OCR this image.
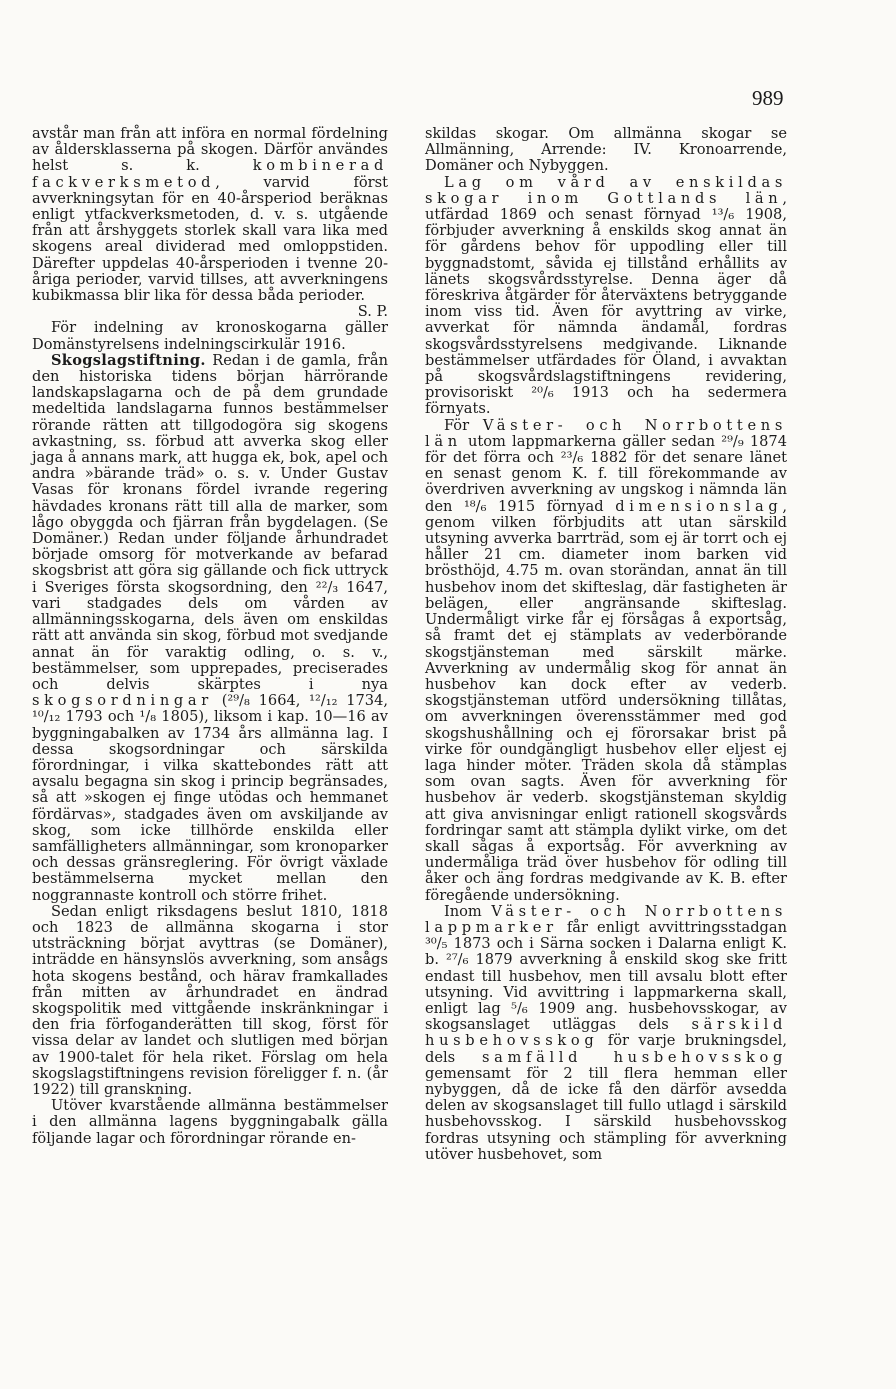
989

avstår man från att införa en normal fördelning av åldersklasserna på skogen. Därför användes helst s. k. kombinerad fackverksmetod, varvid först avverkningsytan för en 40-årsperiod beräknas enligt ytfackverksmetoden, d. v. s. utgående från att årshyggets storlek skall vara lika med skogens areal dividerad med omloppstiden. Därefter uppdelas 40-årsperioden i tvenne 20-åriga perioder, varvid tillses, att avverkningens kubikmassa blir lika för dessa båda perioder.

S. P.

För indelning av kronoskogarna gäller Domänstyrelsens indelningscirkulär 1916.

Skogslagstiftning. Redan i de gamla, från den historiska tidens början härrörande landskapslagarna och de på dem grundade medeltida landslagarna funnos bestämmelser rörande rätten att tillgodogöra sig skogens avkastning, ss. förbud att avverka skog eller jaga å annans mark, att hugga ek, bok, apel och andra »bärande träd» o. s. v. Under Gustav Vasas för kronans fördel ivrande regering hävdades kronans rätt till alla de marker, som lågo obyggda och fjärran från bygdelagen. (Se Domäner.) Redan under följande århundradet började omsorg för motverkande av befarad skogsbrist att göra sig gällande och fick uttryck i Sveriges första skogsordning, den ²²/₃ 1647, vari stadgades dels om vården av allmänningsskogarna, dels även om enskildas rätt att använda sin skog, förbud mot svedjande annat än för varaktig odling, o. s. v., bestämmelser, som upprepades, preciserades och delvis skärptes i nya skogsordningar (²⁹/₈ 1664, ¹²/₁₂ 1734, ¹⁰/₁₂ 1793 och ¹/₈ 1805), liksom i kap. 10—16 av byggningabalken av 1734 års allmänna lag. I dessa skogsordningar och särskilda förordningar, i vilka skattebondes rätt att avsalu begagna sin skog i princip begränsades, så att »skogen ej finge utödas och hemmanet fördärvas», stadgades även om avskiljande av skog, som icke tillhörde enskilda eller samfälligheters allmänningar, som kronoparker och dessas gränsreglering. För övrigt växlade bestämmelserna mycket mellan den noggrannaste kontroll och större frihet.

Sedan enligt riksdagens beslut 1810, 1818 och 1823 de allmänna skogarna i stor utsträckning börjat avyttras (se Domäner), inträdde en hänsynslös avverkning, som ansågs hota skogens bestånd, och härav framkallades från mitten av århundradet en ändrad skogspolitik med vittgående inskränkningar i den fria förfoganderätten till skog, först för vissa delar av landet och slutligen med början av 1900-talet för hela riket. Förslag om hela skogslagstiftningens revision föreligger f. n. (år 1922) till granskning.

Utöver kvarstående allmänna bestämmelser i den allmänna lagens byggningabalk gälla följande lagar och förordningar rörande en-

skildas skogar. Om allmänna skogar se Allmänning, Arrende: IV. Kronoarrende, Domäner och Nybyggen.

Lag om vård av enskildas skogar inom Gottlands län, utfärdad 1869 och senast förnyad ¹³/₆ 1908, förbjuder avverkning å enskilds skog annat än för gårdens behov för uppodling eller till byggnadstomt, såvida ej tillstånd erhållits av länets skogsvårdsstyrelse. Denna äger då föreskriva åtgärder för återväxtens betryggande inom viss tid. Även för avyttring av virke, avverkat för nämnda ändamål, fordras skogsvårdsstyrelsens medgivande. Liknande bestämmelser utfärdades för Öland, i avvaktan på skogsvårdslagstiftningens revidering, provisoriskt ²⁰/₆ 1913 och ha sedermera förnyats.

För Väster- och Norrbottens län utom lappmarkerna gäller sedan ²⁹/₉ 1874 för det förra och ²³/₆ 1882 för det senare länet en senast genom K. f. till förekommande av överdriven avverkning av ungskog i nämnda län den ¹⁸/₆ 1915 förnyad dimensionslag, genom vilken förbjudits att utan särskild utsyning avverka barrträd, som ej är torrt och ej håller 21 cm. diameter inom barken vid brösthöjd, 4.75 m. ovan storändan, annat än till husbehov inom det skifteslag, där fastigheten är belägen, eller angränsande skifteslag. Undermåligt virke får ej försågas å exportsåg, så framt det ej stämplats av vederbörande skogstjänsteman med särskilt märke. Avverkning av undermålig skog för annat än husbehov kan dock efter av vederb. skogstjänsteman utförd undersökning tillåtas, om avverkningen överensstämmer med god skogshushållning och ej förorsakar brist på virke för oundgängligt husbehov eller eljest ej laga hinder möter. Träden skola då stämplas som ovan sagts. Även för avverkning för husbehov är vederb. skogstjänsteman skyldig att giva anvisningar enligt rationell skogsvårds fordringar samt att stämpla dylikt virke, om det skall sågas å exportsåg. För avverkning av undermåliga träd över husbehov för odling till åker och äng fordras medgivande av K. B. efter föregående undersökning.

Inom Väster- och Norrbottens lappmarker får enligt avvittringsstadgan ³⁰/₅ 1873 och i Särna socken i Dalarna enligt K. b. ²⁷/₆ 1879 avverkning å enskild skog ske fritt endast till husbehov, men till avsalu blott efter utsyning. Vid avvittring i lappmarkerna skall, enligt lag ⁵/₆ 1909 ang. husbehovsskogar, av skogsanslaget utläggas dels särskild husbehovsskog för varje brukningsdel, dels samfälld husbehovsskog gemensamt för 2 till flera hemman eller nybyggen, då de icke få den därför avsedda delen av skogsanslaget till fullo utlagd i särskild husbehovsskog. I särskild husbehovsskog fordras utsyning och stämpling för avverkning utöver husbehovet, som
